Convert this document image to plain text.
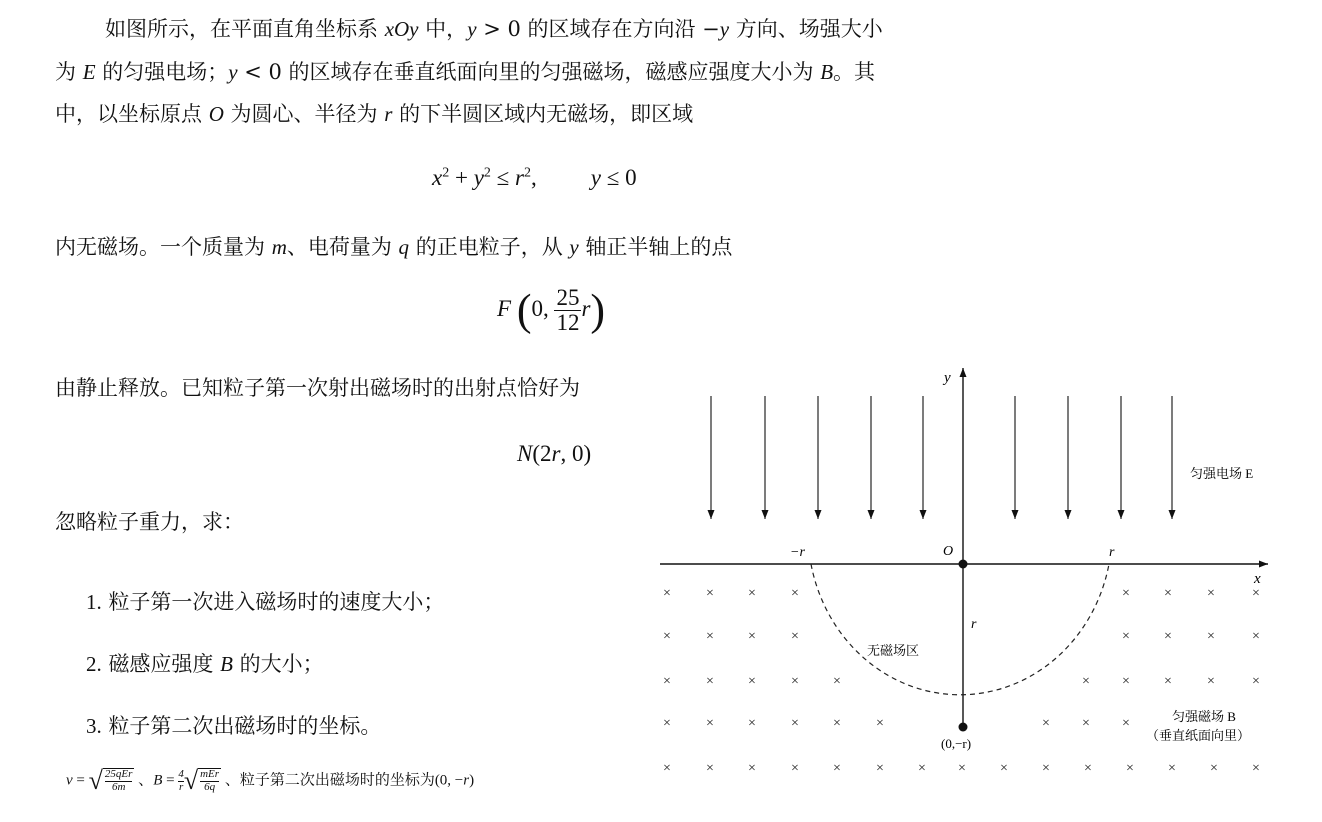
如图所示，在平面直角坐标系 xOy 中，y > 0 的区域存在方向沿 −y 方向、场强大小
为 E 的匀强电场；y < 0 的区域存在垂直纸面向里的匀强磁场，磁感应强度大小为 B。其
中，以坐标原点 O 为圆心、半径为 r 的下半圆区域内无磁场，即区域
$x^2 + y^2 \le r^2$, y ≤ 0
内无磁场。一个质量为 m、电荷量为 q 的正电粒子，从 y 轴正半轴上的点
F (0, $\frac{25}{12} r$)
由静止释放。已知粒子第一次射出磁场时的出射点恰好为
N(2r, 0)
忽略粒子重力，求：
1. 粒子第一次进入磁场时的速度大小；
2. 磁感应强度 B 的大小；
3. 粒子第二次出磁场时的坐标。
v = √ $\frac{\text{25qEr}}{6m}$ 、$B = \frac{4}{r}√ \frac{\text{mEr}}{6q}$ 、粒子第二次出磁场时的坐标为(0, −r)
×	× ×	×	× ×	×	×
×	× ×	×	× ×	×	×
×	× ×	× ×	× × ×	×	×
×	× ×	× ×	×	× × ×
×	× ×	× ×	× × × × × × × × × ×
y
x
O
−r	r
r
(0,−r)
无磁场区
匀强电场 E
匀强磁场 B
（垂直纸面向里）
